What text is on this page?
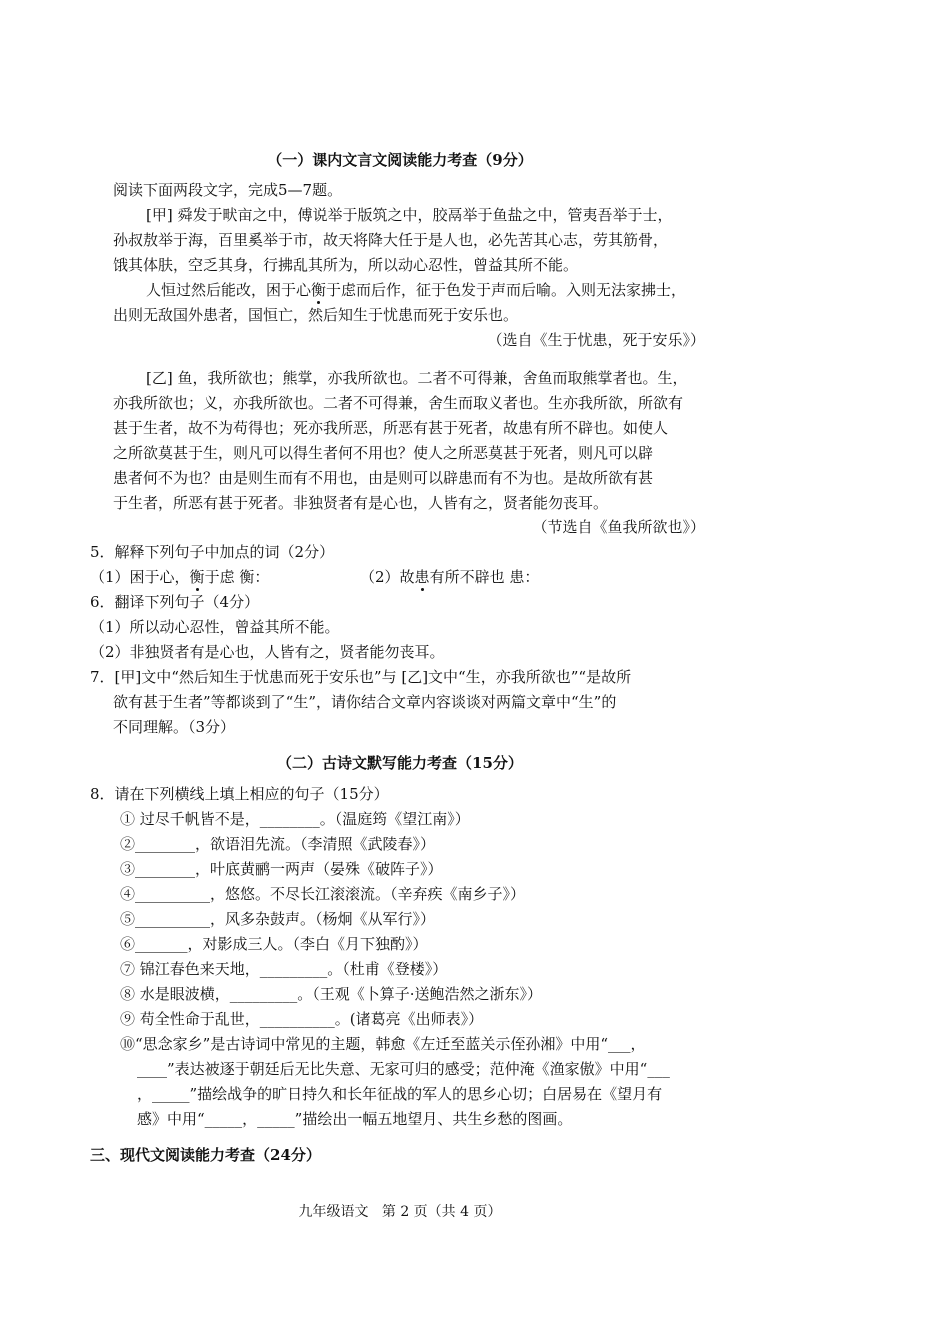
（一）课内文言文阅读能力考查（9分）
阅读下面两段文字，完成5—7题。
[甲] 舜发于畎亩之中，傅说举于版筑之中，胶鬲举于鱼盐之中，管夷吾举于士，
孙叔敖举于海，百里奚举于市，故天将降大任于是人也，必先苦其心志，劳其筋骨，
饿其体肤，空乏其身，行拂乱其所为，所以动心忍性，曾益其所不能。
人恒过然后能改，困于心衡于虑而后作，征于色发于声而后喻。入则无法家拂士，
出则无敌国外患者，国恒亡，然后知生于忧患而死于安乐也。
（选自《生于忧患，死于安乐》）
[乙] 鱼，我所欲也；熊掌，亦我所欲也。二者不可得兼，舍鱼而取熊掌者也。生，
亦我所欲也；义，亦我所欲也。二者不可得兼，舍生而取义者也。生亦我所欲，所欲有
甚于生者，故不为苟得也；死亦我所恶，所恶有甚于死者，故患有所不辟也。如使人
之所欲莫甚于生，则凡可以得生者何不用也？使人之所恶莫甚于死者，则凡可以辟
患者何不为也？由是则生而有不用也，由是则可以辟患而有不为也。是故所欲有甚
于生者，所恶有甚于死者。非独贤者有是心也，人皆有之，贤者能勿丧耳。
（节选自《鱼我所欲也》）
5．解释下列句子中加点的词（2分）
（1）困于心，衡于虑 衡：	（2）故患有所不辟也 患：
6．翻译下列句子（4分）
（1）所以动心忍性，曾益其所不能。
（2）非独贤者有是心也，人皆有之，贤者能勿丧耳。
7．[甲]文中“然后知生于忧患而死于安乐也”与 [乙]文中“生，亦我所欲也”“是故所
欲有甚于生者”等都谈到了“生”，请你结合文章内容谈谈对两篇文章中“生”的
不同理解。（3分）
（二）古诗文默写能力考查（15分）
8．请在下列横线上填上相应的句子（15分）
① 过尽千帆皆不是，________。（温庭筠《望江南》）
②________，欲语泪先流。（李清照《武陵春》）
③________，叶底黄鹂一两声（晏殊《破阵子》）
④__________，悠悠。不尽长江滚滚流。（辛弃疾《南乡子》）
⑤__________，风多杂鼓声。（杨炯《从军行》）
⑥_______，对影成三人。（李白《月下独酌》）
⑦ 锦江春色来天地，_________。（杜甫《登楼》）
⑧ 水是眼波横，_________。（王观《卜算子·送鲍浩然之浙东》）
⑨ 苟全性命于乱世，__________。(诸葛亮《出师表》）
⑩“思念家乡”是古诗词中常见的主题，韩愈《左迁至蓝关示侄孙湘》中用“___，
____”表达被逐于朝廷后无比失意、无家可归的感受；范仲淹《渔家傲》中用“___
，_____”描绘战争的旷日持久和长年征战的军人的思乡心切；白居易在《望月有
感》中用“_____，_____”描绘出一幅五地望月、共生乡愁的图画。
三、现代文阅读能力考查（24分）
九年级语文   第 2 页（共 4 页）
